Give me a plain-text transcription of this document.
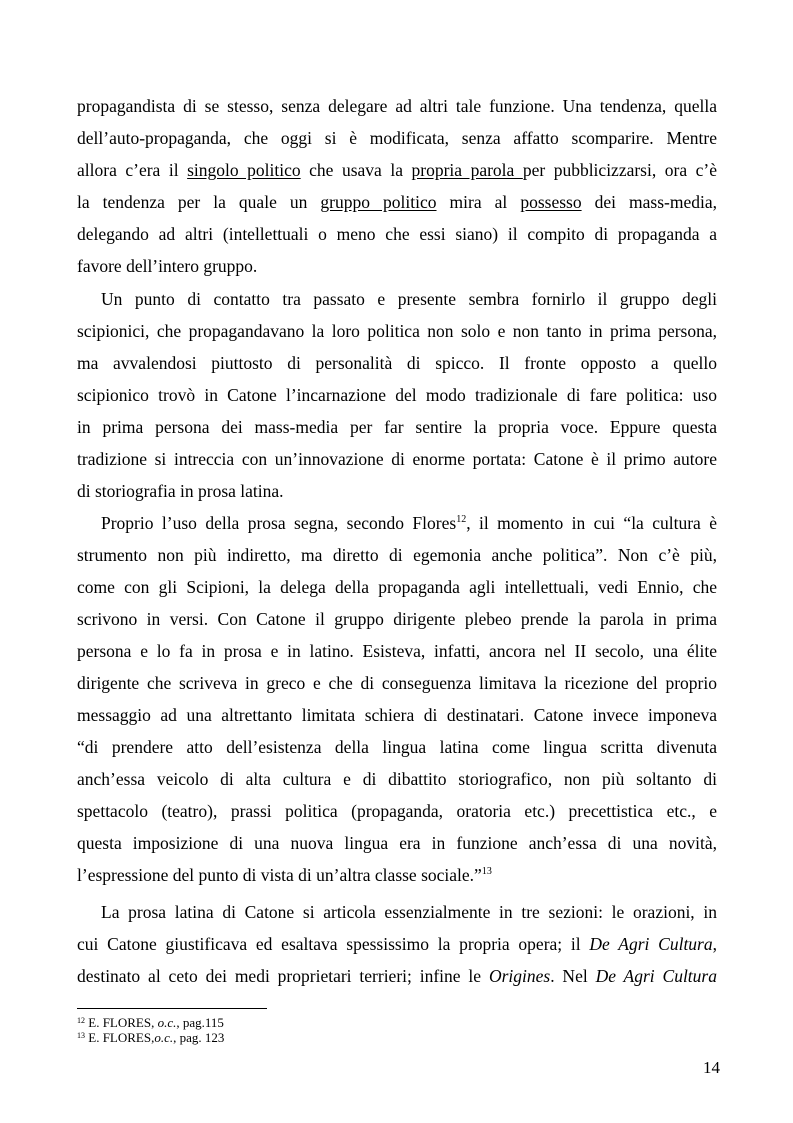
propagandista di se stesso, senza delegare ad altri tale funzione. Una tendenza, quella
dell’auto-propaganda, che oggi si è modificata, senza affatto scomparire. Mentre
allora c’era il singolo politico che usava la propria parola per pubblicizzarsi, ora c’è
la tendenza per la quale un gruppo politico mira al possesso dei mass-media,
delegando ad altri (intellettuali o meno che essi siano) il compito di propaganda a
favore dell’intero gruppo.
Un punto di contatto tra passato e presente sembra fornirlo il gruppo degli
scipionici, che propagandavano la loro politica non solo e non tanto in prima persona,
ma avvalendosi piuttosto di personalità di spicco. Il fronte opposto a quello
scipionico trovò in Catone l’incarnazione del modo tradizionale di fare politica: uso
in prima persona dei mass-media per far sentire la propria voce. Eppure questa
tradizione si intreccia con un’innovazione di enorme portata: Catone è il primo autore
di storiografia in prosa latina.
Proprio l’uso della prosa segna, secondo Flores$^{12}$, il momento in cui “la cultura è
strumento non più indiretto, ma diretto di egemonia anche politica”. Non c’è più,
come con gli Scipioni, la delega della propaganda agli intellettuali, vedi Ennio, che
scrivono in versi. Con Catone il gruppo dirigente plebeo prende la parola in prima
persona e lo fa in prosa e in latino. Esisteva, infatti, ancora nel II secolo, una élite
dirigente che scriveva in greco e che di conseguenza limitava la ricezione del proprio
messaggio ad una altrettanto limitata schiera di destinatari. Catone invece imponeva
“di prendere atto dell’esistenza della lingua latina come lingua scritta divenuta
anch’essa veicolo di alta cultura e di dibattito storiografico, non più soltanto di
spettacolo (teatro), prassi politica (propaganda, oratoria etc.) precettistica etc., e
questa imposizione di una nuova lingua era in funzione anch’essa di una novità,
l’espressione del punto di vista di un’altra classe sociale.”$^{13}$
La prosa latina di Catone si articola essenzialmente in tre sezioni: le orazioni, in
cui Catone giustificava ed esaltava spessissimo la propria opera; il De Agri Cultura,
destinato al ceto dei medi proprietari terrieri; infine le Origines. Nel De Agri Cultura
$^{12}$ E. FLORES, o.c., pag.115
$^{13}$ E. FLORES,o.c., pag. 123
14
